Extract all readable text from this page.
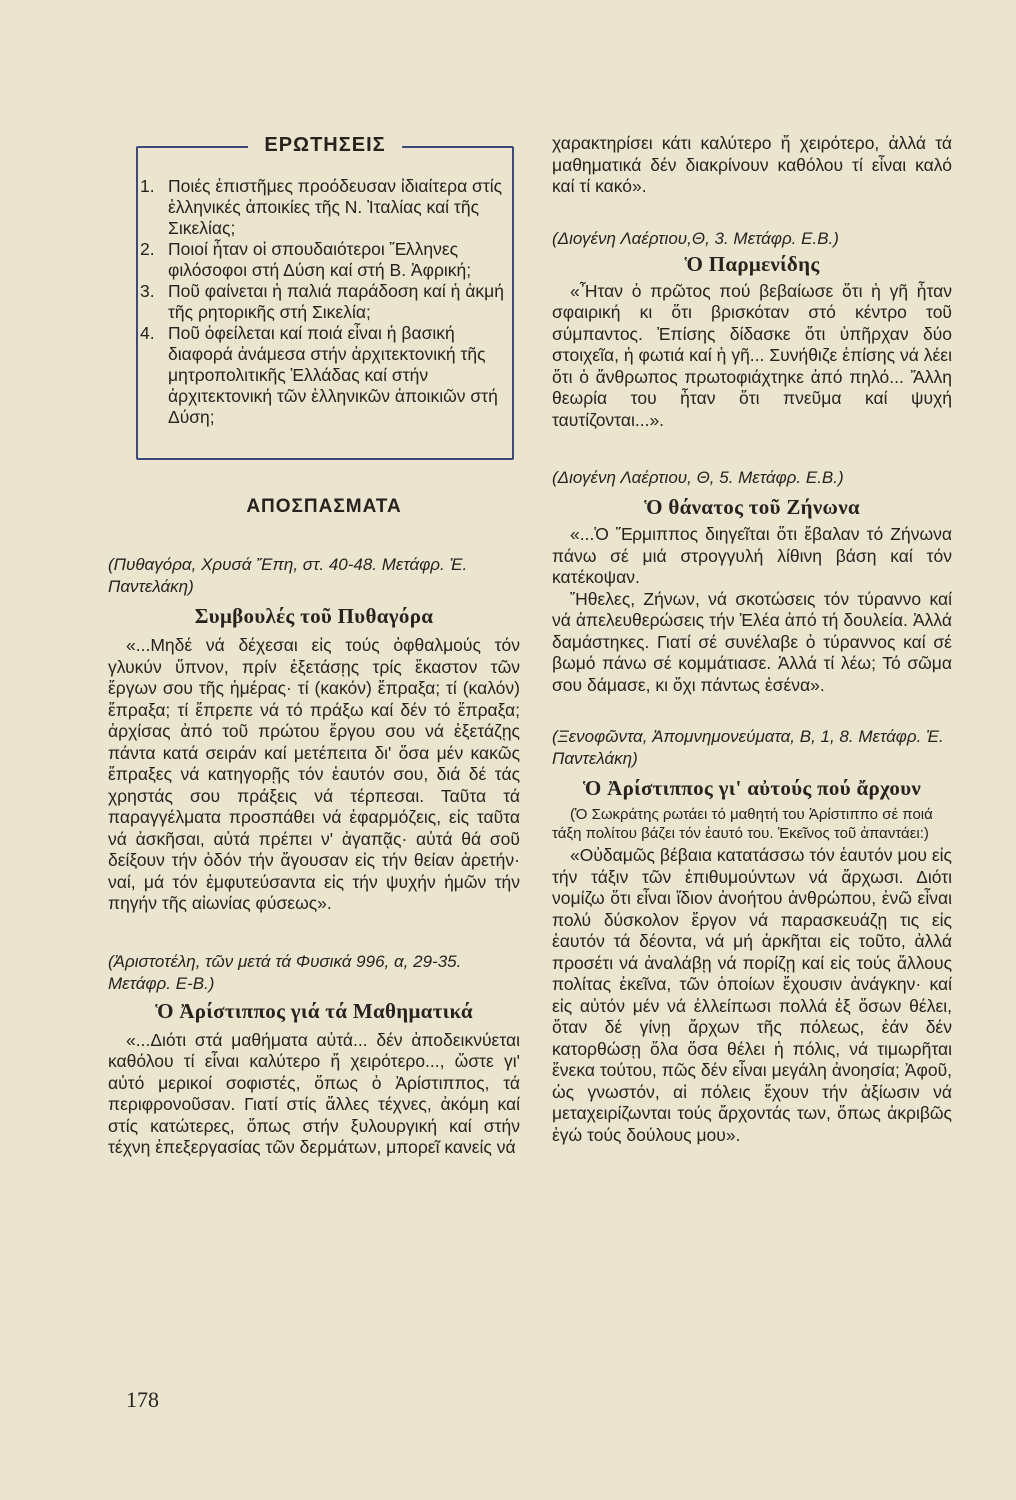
ΕΡΩΤΗΣΕΙΣ
1. Ποιές ἐπιστῆμες προόδευσαν ἰδιαίτερα στίς ἑλληνικές ἀποικίες τῆς Ν. Ἰταλίας καί τῆς Σικελίας;
2. Ποιοί ἦταν οἱ σπουδαιότεροι Ἕλληνες φιλόσοφοι στή Δύση καί στή Β. Ἀφρική;
3. Ποῦ φαίνεται ἡ παλιά παράδοση καί ἡ ἀκμή τῆς ρητορικῆς στή Σικελία;
4. Ποῦ ὀφείλεται καί ποιά εἶναι ἡ βασική διαφορά ἀνάμεσα στήν ἀρχιτεκτονική τῆς μητροπολιτικῆς Ἑλλάδας καί στήν ἀρχιτεκτονική τῶν ἑλληνικῶν ἀποικιῶν στή Δύση;

ΑΠΟΣΠΑΣΜΑΤΑ

(Πυθαγόρα, Χρυσά Ἔπη, στ. 40-48. Μετάφρ. Ἐ. Παντελάκη)

Συμβουλές τοῦ Πυθαγόρα

«...Μηδέ νά δέχεσαι εἰς τούς ὀφθαλμούς τόν γλυκύν ὕπνον, πρίν ἐξετάσῃς τρίς ἕκαστον τῶν ἔργων σου τῆς ἡμέρας· τί (κακόν) ἔπραξα; τί (καλόν) ἔπραξα; τί ἔπρεπε νά τό πράξω καί δέν τό ἔπραξα; ἀρχίσας ἀπό τοῦ πρώτου ἔργου σου νά ἐξετάζῃς πάντα κατά σειράν καί μετέπειτα δι' ὅσα μέν κακῶς ἔπραξες νά κατηγορῇς τόν ἑαυτόν σου, διά δέ τάς χρηστάς σου πράξεις νά τέρπεσαι. Ταῦτα τά παραγγέλματα προσπάθει νά ἐφαρμόζεις, εἰς ταῦτα νά ἀσκῆσαι, αὐτά πρέπει ν' ἀγαπᾷς· αὐτά θά σοῦ δείξουν τήν ὁδόν τήν ἄγουσαν εἰς τήν θείαν ἀρετήν· ναί, μά τόν ἐμφυτεύσαντα εἰς τήν ψυχήν ἡμῶν τήν πηγήν τῆς αἰωνίας φύσεως».

(Ἀριστοτέλη, τῶν μετά τά Φυσικά 996, α, 29-35. Μετάφρ. Ε-Β.)

Ὁ Ἀρίστιππος γιά τά Μαθηματικά

«...Διότι στά μαθήματα αὐτά... δέν ἀποδεικνύεται καθόλου τί εἶναι καλύτερο ἤ χειρότερο..., ὥστε γι' αὐτό μερικοί σοφιστές, ὅπως ὁ Ἀρίστιππος, τά περιφρονοῦσαν. Γιατί στίς ἄλλες τέχνες, ἀκόμη καί στίς κατώτερες, ὅπως στήν ξυλουργική καί στήν τέχνη ἐπεξεργασίας τῶν δερμάτων, μπορεῖ κανείς νά

178

χαρακτηρίσει κάτι καλύτερο ἤ χειρότερο, ἀλλά τά μαθηματικά δέν διακρίνουν καθόλου τί εἶναι καλό καί τί κακό».

(Διογένη Λαέρτιου,Θ, 3. Μετάφρ. Ε.Β.)

Ὁ Παρμενίδης

«Ἦταν ὁ πρῶτος πού βεβαίωσε ὅτι ἡ γῆ ἦταν σφαιρική κι ὅτι βρισκόταν στό κέντρο τοῦ σύμπαντος. Ἐπίσης δίδασκε ὅτι ὑπῆρχαν δύο στοιχεῖα, ἡ φωτιά καί ἡ γῆ... Συνήθιζε ἐπίσης νά λέει ὅτι ὁ ἄνθρωπος πρωτοφιάχτηκε ἀπό πηλό... Ἄλλη θεωρία του ἦταν ὅτι πνεῦμα καί ψυχή ταυτίζονται...».

(Διογένη Λαέρτιου, Θ, 5. Μετάφρ. Ε.Β.)

Ὁ θάνατος τοῦ Ζήνωνα

«...Ὁ Ἕρμιππος διηγεῖται ὅτι ἔβαλαν τό Ζήνωνα πάνω σέ μιά στρογγυλή λίθινη βάση καί τόν κατέκοψαν.

Ἤθελες, Ζήνων, νά σκοτώσεις τόν τύραννο καί νά ἀπελευθερώσεις τήν Ἐλέα ἀπό τή δουλεία. Ἀλλά δαμάστηκες. Γιατί σέ συνέλαβε ὁ τύραννος καί σέ βωμό πάνω σέ κομμάτιασε. Ἀλλά τί λέω; Τό σῶμα σου δάμασε, κι ὄχι πάντως ἐσένα».

(Ξενοφῶντα, Ἀπομνημονεύματα, Β, 1, 8. Μετάφρ. Ἐ. Παντελάκη)

Ὁ Ἀρίστιππος γι' αὐτούς πού ἄρχουν

(Ὁ Σωκράτης ρωτάει τό μαθητή του Ἀρίστιππο σέ ποιά τάξη πολίτου βάζει τόν ἑαυτό του. Ἐκεῖνος τοῦ ἀπαντάει:)

«Οὐδαμῶς βέβαια κατατάσσω τόν ἑαυτόν μου εἰς τήν τάξιν τῶν ἐπιθυμούντων νά ἄρχωσι. Διότι νομίζω ὅτι εἶναι ἴδιον ἀνοήτου ἀνθρώπου, ἐνῶ εἶναι πολύ δύσκολον ἔργον νά παρασκευάζῃ τις εἰς ἑαυτόν τά δέοντα, νά μή ἀρκῆται εἰς τοῦτο, ἀλλά προσέτι νά ἀναλάβῃ νά πορίζῃ καί εἰς τούς ἄλλους πολίτας ἐκεῖνα, τῶν ὁποίων ἔχουσιν ἀνάγκην· καί εἰς αὐτόν μέν νά ἐλλείπωσι πολλά ἐξ ὅσων θέλει, ὅταν δέ γίνῃ ἄρχων τῆς πόλεως, ἐάν δέν κατορθώσῃ ὅλα ὅσα θέλει ἡ πόλις, νά τιμωρῆται ἕνεκα τούτου, πῶς δέν εἶναι μεγάλη ἀνοησία; Ἀφοῦ, ὡς γνωστόν, αἱ πόλεις ἔχουν τήν ἀξίωσιν νά μεταχειρίζωνται τούς ἄρχοντάς των, ὅπως ἀκριβῶς ἐγώ τούς δούλους μου».
